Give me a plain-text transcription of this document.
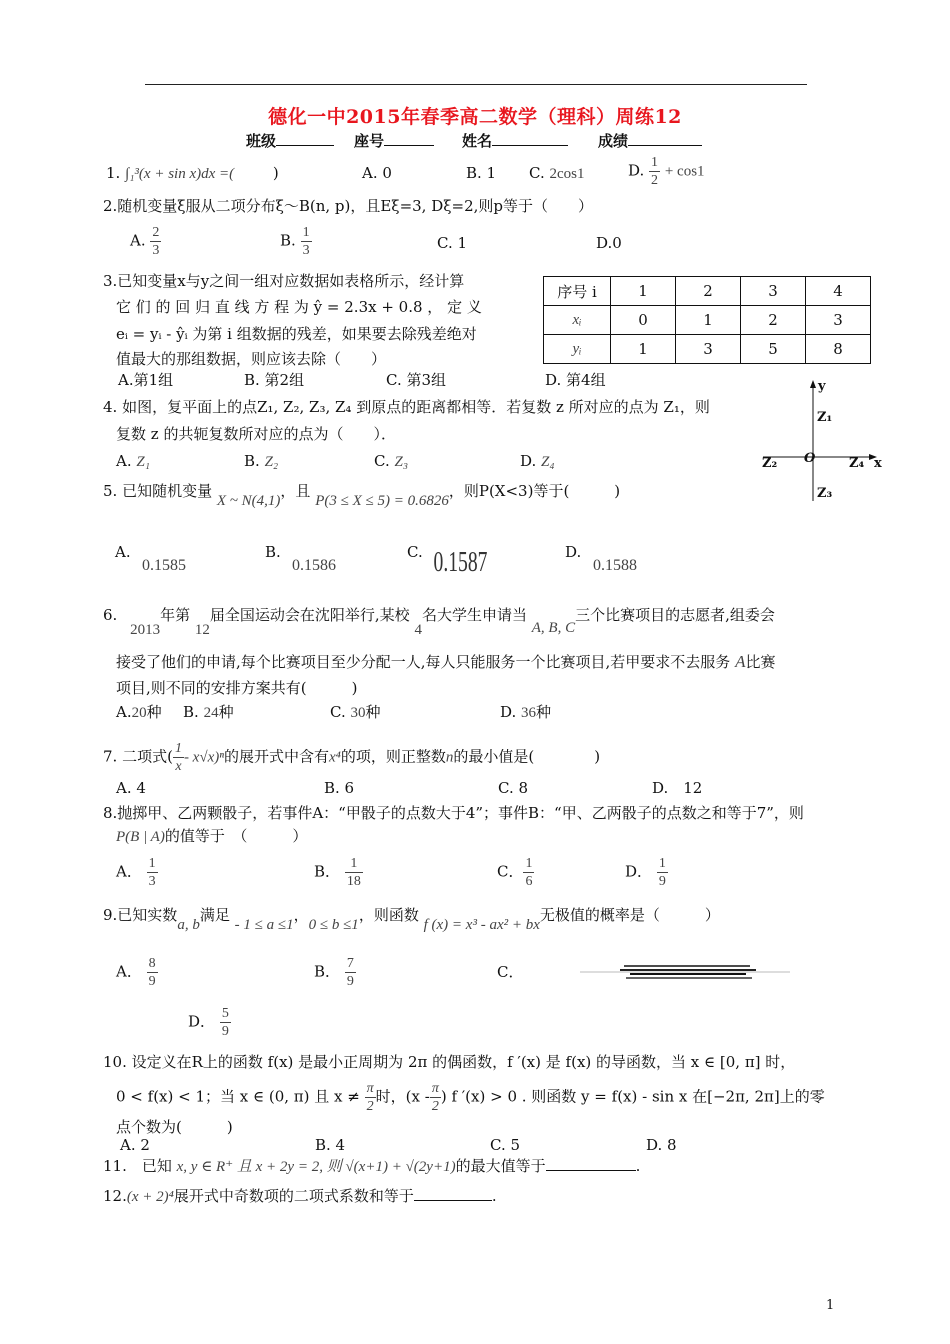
德化一中2015年春季高二数学（理科）周练12
班级	座号	姓名	成绩
1. ∫₁³(x + sin x)dx =(	)	A. 0	B. 1 C. 2cos1	D. $\frac{1}{2} + \cos 1$
2.随机变量ξ服从二项分布ξ～B(n, p)，且Eξ=3, Dξ=2,则p等于（　　）
A. $\frac{2}{3}$	B. $\frac{1}{3}$	C. 1	D.0
3.已知变量x与y之间一组对应数据如表格所示，经计算
它 们 的 回 归 直 线 方 程 为 ŷ = 2.3x + 0.8 ， 定 义
eᵢ = yᵢ - ŷᵢ 为第 i 组数据的残差，如果要去除残差绝对
值最大的那组数据，则应该去除（　　）
序号 i	1	2	3	4
xᵢ	0	1	2	3
yᵢ	1	3	5	8
A.第1组	B. 第2组	C. 第3组	D. 第4组
4. 如图，复平面上的点Z₁, Z₂, Z₃, Z₄ 到原点的距离都相等．若复数 z 所对应的点为 Z₁，则
复数 z 的共轭复数所对应的点为（　　）．
A. Z₁	B. Z₂	C. Z₃	D. Z₄
y
x
O
Z₁
Z₂
Z₃
Z₄
5. 已知随机变量 X ~ N(4,1)，且 P(3 ≤ X ≤ 5) = 0.6826，则P(X<3)等于(　　　)
A.
0.1585
B.
0.1586
C. 0.1587	D.
0.1588
6. 2013年第 12届全国运动会在沈阳举行,某校 4名大学生申请当 A, B, C三个比赛项目的志愿者,组委会
接受了他们的申请,每个比赛项目至少分配一人,每人只能服务一个比赛项目,若甲要求不去服务 A比赛
项目,则不同的安排方案共有(　　　)
A.20种 B. 24种	C. 30种	D. 36种
7. 二项式( $\frac{1}{x} - x√x)^n$的展开式中含有x⁴的项，则正整数n的最小值是(　　　　)
A. 4	B. 6	C. 8	D.　12
8.抛掷甲、乙两颗骰子，若事件A：“甲骰子的点数大于4”；事件B：“甲、乙两骰子的点数之和等于7”，则
P(B | A)的值等于　（　　　）
A． $\frac{1}{3}$	B． $\frac{1}{18}$	C． $\frac{1}{6}$	D． $\frac{1}{9}$
9.已知实数a, b满足 - 1 ≤ a ≤1，0 ≤ b ≤1，则函数 f (x) = x³ - ax² + bx无极值的概率是（　　　）
A． $\frac{8}{9}$	B． $\frac{7}{9}$	C．
D． $\frac{5}{9}$
10. 设定义在R上的函数 f(x) 是最小正周期为 2π 的偶函数，f ′(x) 是 f(x) 的导函数，当 x ∈ [0, π] 时，
0 < f(x) < 1；当 x ∈ (0, π) 且 $x \ne \frac{\pi}{2}$ 时，($x - \frac{\pi}{2}$ ) f ′(x) > 0 . 则函数 y = f(x) - sin x 在[−2π, 2π]上的零
点个数为(　　　)
A. 2	B. 4	C. 5	D. 8
11.　已知 x, y ∈ R⁺ 且 x + 2y = 2, 则 √(x+1) + √(2y+1)的最大值等于	.
12.(x + 2)⁴展开式中奇数项的二项式系数和等于	.
1
